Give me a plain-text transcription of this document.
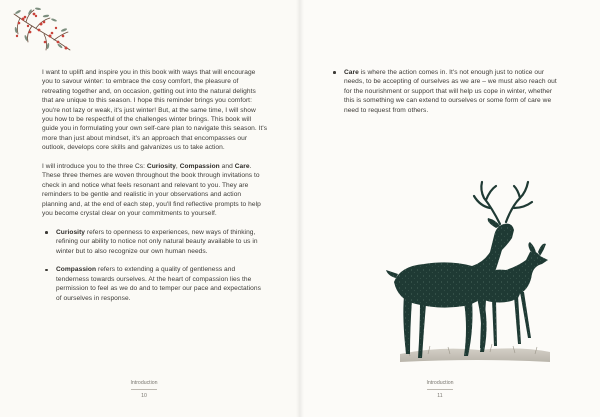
I want to uplift and inspire you in this book with ways that will encourage you to savour winter: to embrace the cosy comfort, the pleasure of retreating together and, on occasion, getting out into the natural delights that are unique to this season. I hope this reminder brings you comfort: you're not lazy or weak, it's just winter! But, at the same time, I will show you how to be respectful of the challenges winter brings. This book will guide you in formulating your own self-care plan to navigate this season. It's more than just about mindset, it's an approach that encompasses our outlook, develops core skills and galvanizes us to take action.

I will introduce you to the three Cs: Curiosity, Compassion and Care. These three themes are woven throughout the book through invitations to check in and notice what feels resonant and relevant to you. They are reminders to be gentle and realistic in your observations and action planning and, at the end of each step, you'll find reflective prompts to help you become crystal clear on your commitments to yourself.

Curiosity refers to openness to experiences, new ways of thinking, refining our ability to notice not only natural beauty available to us in winter but to also recognize our own human needs.
Compassion refers to extending a quality of gentleness and tenderness towards ourselves. At the heart of compassion lies the permission to feel as we do and to temper our pace and expectations of ourselves in response.
Introduction
10
Care is where the action comes in. It's not enough just to notice our needs, to be accepting of ourselves as we are – we must also reach out for the nourishment or support that will help us cope in winter, whether this is something we can extend to ourselves or some form of care we need to request from others.
Introduction
11
